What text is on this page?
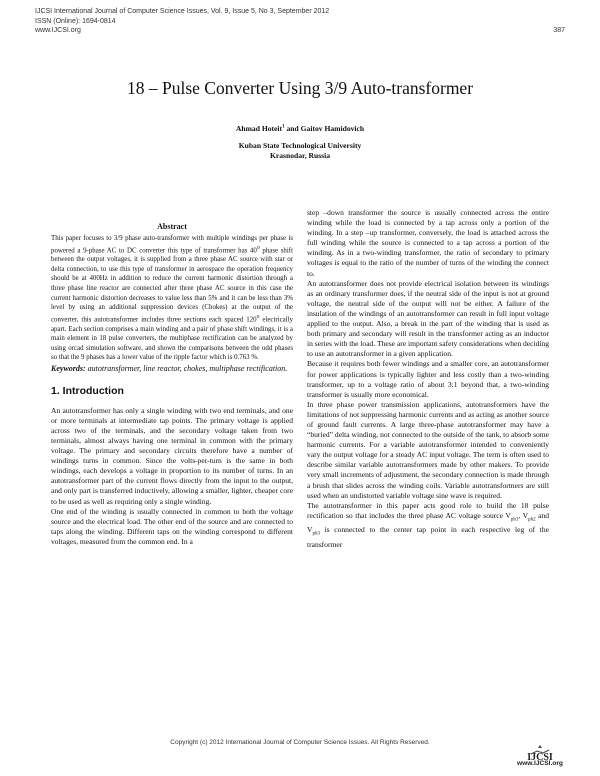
IJCSI International Journal of Computer Science Issues, Vol. 9, Issue 5, No 3, September 2012
ISSN (Online): 1694-0814
www.IJCSI.org	387
18 – Pulse Converter Using 3/9 Auto-transformer
Ahmad Hoteit$^1$ and Gaitov Hamidovich
Kuban State Technological University
Krasnodar, Russia
Abstract

This paper focuses to 3/9 phase auto-transformer with multiple windings per phase is powered a 9-phase AC to DC converter this type of transformer has 40$^o$ phase shift between the output voltages, it is supplied from a three phase AC source with star or delta connection, to use this type of transformer in aerospace the operation frequency should be at 400Hz in addition to reduce the current harmonic distortion through a three phase line reactor are connected after three phase AC source in this case the current harmonic distortion decreases to value less than 5% and it can be less than 3% level by using an additional suppression devices (Chokes) at the output of the converter, this autotransformer includes three sections each spaced 120$^o$ electrically apart. Each section comprises a main winding and a pair of phase shift windings, it is a main element in 18 pulse converters, the multiphase rectification can be analyzed by using orcad simulation software, and shown the comparisons between the odd phases so that the 9 phases has a lower value of the ripple factor which is 0.763 %.

Keywords: autotransformer, line reactor, chokes, multiphase rectification.

1. Introduction

An autotransformer has only a single winding with two end terminals, and one or more terminals at intermediate tap points. The primary voltage is applied across two of the terminals, and the secondary voltage taken from two terminals, almost always having one terminal in common with the primary voltage. The primary and secondary circuits therefore have a number of windings turns in common. Since the volts-per-turn is the same in both windings, each develops a voltage in proportion to its number of turns. In an autotransformer part of the current flows directly from the input to the output, and only part is transferred inductively, allowing a smaller, lighter, cheaper core to be used as well as requiring only a single winding.

One end of the winding is usually connected in common to both the voltage source and the electrical load. The other end of the source and are connected to taps along the winding. Different taps on the winding correspond to different voltages, measured from the common end. In a

step –down transformer the source is usually connected across the entire winding while the load is connected by a tap across only a portion of the winding. In a step –up transformer, conversely, the load is attached across the full winding while the source is connected to a tap across a portion of the winding. As in a two-winding transformer, the ratio of secondary to primary voltages is equal to the ratio of the number of turns of the winding the connect to.

An autotransformer does not provide electrical isolation between its windings as an ordinary transformer does, if the neutral side of the input is not at ground voltage, the neutral side of the output will not be either. A failure of the insulation of the windings of an autotransformer can result in full input voltage applied to the output. Also, a break in the part of the winding that is used as both primary and secondary will result in the transformer acting as an inductor in series with the load. These are important safety considerations when deciding to use an autotransformer in a given application.

Because it requires both fewer windings and a smaller core, an autotransformer for power applications is typically lighter and less costly than a two-winding transformer, up to a voltage ratio of about 3:1 beyond that, a two-winding transformer is usually more economical.

In three phase power transmission applications, autotransformers have the limitations of not suppressing harmonic currents and as acting as another source of ground fault currents. A large three-phase autotransformer may have a “buried” delta winding, not connected to the outside of the tank, to absorb some harmonic currents. For a variable autotransformer intended to conveniently vary the output voltage for a steady AC input voltage. The term is often used to describe similar variable autotransformers made by other makers. To provide very small increments of adjustment, the secondary connection is made through a brush that slides across the winding coils. Variable autotransformers are still used when an undistorted variable voltage sine wave is required.

The autotransformer in this paper acts good role to build the 18 pulse rectification so that includes the three phase AC voltage source $V_{ph1}$, $V_{ph2}$ and $V_{ph3}$ is connected to the center tap point in each respective leg of the transformer

Copyright (c) 2012 International Journal of Computer Science Issues. All Rights Reserved.
IJCSI
www.IJCSI.org
